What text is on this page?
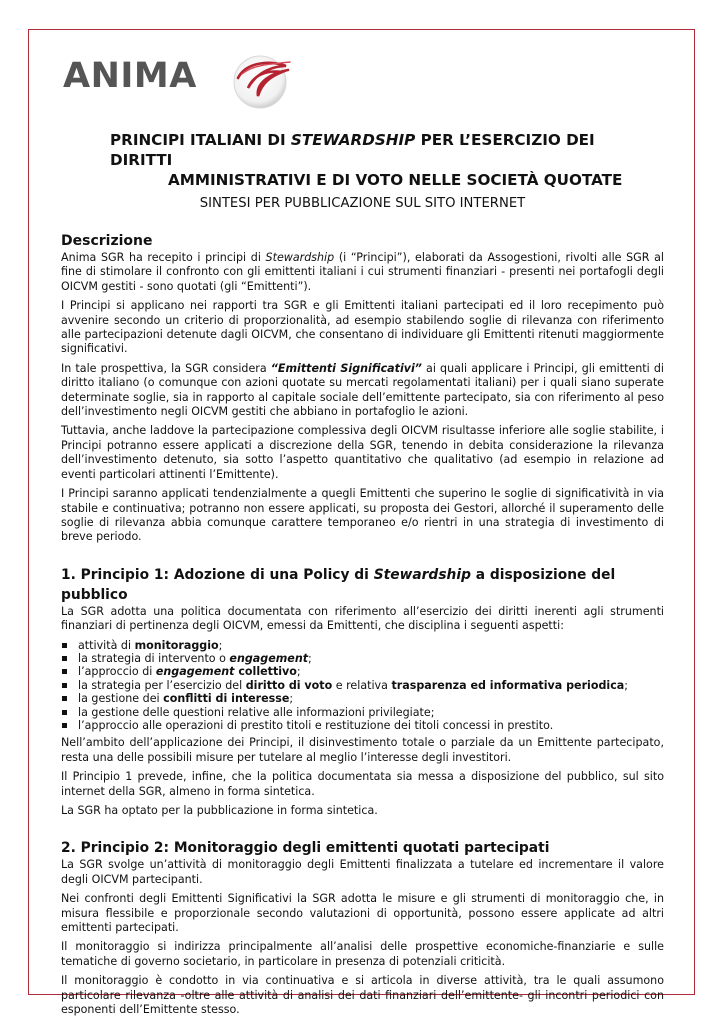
ANIMA
PRINCIPI ITALIANI DI STEWARDSHIP PER L’ESERCIZIO DEI DIRITTI
AMMINISTRATIVI E DI VOTO NELLE SOCIETÀ QUOTATE
SINTESI PER PUBBLICAZIONE SUL SITO INTERNET
Descrizione

Anima SGR ha recepito i principi di Stewardship (i “Principi”), elaborati da Assogestioni, rivolti alle SGR al fine di stimolare il confronto con gli emittenti italiani i cui strumenti finanziari - presenti nei portafogli degli OICVM gestiti - sono quotati (gli “Emittenti”).

I Principi si applicano nei rapporti tra SGR e gli Emittenti italiani partecipati ed il loro recepimento può avvenire secondo un criterio di proporzionalità, ad esempio stabilendo soglie di rilevanza con riferimento alle partecipazioni detenute dagli OICVM, che consentano di individuare gli Emittenti ritenuti maggiormente significativi.

In tale prospettiva, la SGR considera “Emittenti Significativi” ai quali applicare i Principi, gli emittenti di diritto italiano (o comunque con azioni quotate su mercati regolamentati italiani) per i quali siano superate determinate soglie, sia in rapporto al capitale sociale dell’emittente partecipato, sia con riferimento al peso dell’investimento negli OICVM gestiti che abbiano in portafoglio le azioni.

Tuttavia, anche laddove la partecipazione complessiva degli OICVM risultasse inferiore alle soglie stabilite, i Principi potranno essere applicati a discrezione della SGR, tenendo in debita considerazione la rilevanza dell’investimento detenuto, sia sotto l’aspetto quantitativo che qualitativo (ad esempio in relazione ad eventi particolari attinenti l’Emittente).

I Principi saranno applicati tendenzialmente a quegli Emittenti che superino le soglie di significatività in via stabile e continuativa; potranno non essere applicati, su proposta dei Gestori, allorché il superamento delle soglie di rilevanza abbia comunque carattere temporaneo e/o rientri in una strategia di investimento di breve periodo.

1. Principio 1: Adozione di una Policy di Stewardship a disposizione del pubblico

La SGR adotta una politica documentata con riferimento all’esercizio dei diritti inerenti agli strumenti finanziari di pertinenza degli OICVM, emessi da Emittenti, che disciplina i seguenti aspetti:

attività di monitoraggio;
la strategia di intervento o engagement;
l’approccio di engagement collettivo;
la strategia per l’esercizio del diritto di voto e relativa trasparenza ed informativa periodica;
la gestione dei conflitti di interesse;
la gestione delle questioni relative alle informazioni privilegiate;
l’approccio alle operazioni di prestito titoli e restituzione dei titoli concessi in prestito.

Nell’ambito dell’applicazione dei Principi, il disinvestimento totale o parziale da un Emittente partecipato, resta una delle possibili misure per tutelare al meglio l’interesse degli investitori.

Il Principio 1 prevede, infine, che la politica documentata sia messa a disposizione del pubblico, sul sito internet della SGR, almeno in forma sintetica.

La SGR ha optato per la pubblicazione in forma sintetica.

2. Principio 2: Monitoraggio degli emittenti quotati partecipati

La SGR svolge un’attività di monitoraggio degli Emittenti finalizzata a tutelare ed incrementare il valore degli OICVM partecipanti.

Nei confronti degli Emittenti Significativi la SGR adotta le misure e gli strumenti di monitoraggio che, in misura flessibile e proporzionale secondo valutazioni di opportunità, possono essere applicate ad altri emittenti partecipati.

Il monitoraggio si indirizza principalmente all’analisi delle prospettive economiche-finanziarie e sulle tematiche di governo societario, in particolare in presenza di potenziali criticità.

Il monitoraggio è condotto in via continuativa e si articola in diverse attività, tra le quali assumono particolare rilevanza -oltre alle attività di analisi dei dati finanziari dell’emittente- gli incontri periodici con esponenti dell’Emittente stesso.
